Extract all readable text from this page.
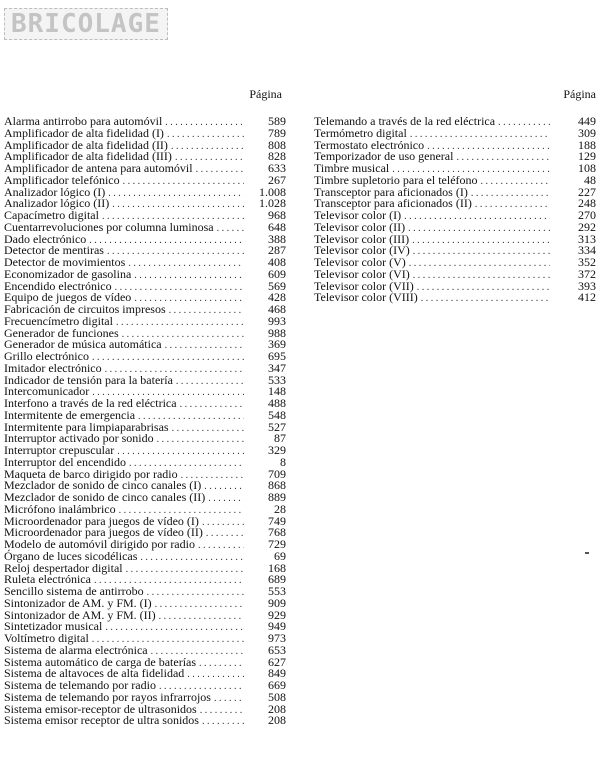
BRICOLAGE
Página
Alarma antirrobo para automóvil . . .	589
Amplificador de alta fidelidad (I) . . .	789
Amplificador de alta fidelidad (II) . . .	808
Amplificador de alta fidelidad (III) . . .	828
Amplificador de antena para automóvil . . .	633
Amplificador telefónico . . .	267
Analizador lógico (I) . . .	1.008
Analizador lógico (II) . . .	1.028
Capacímetro digital . . .	968
Cuentarrevoluciones por columna luminosa . . .	648
Dado electrónico . . .	388
Detector de mentiras . . .	287
Detector de movimientos . . .	408
Economizador de gasolina . . .	609
Encendido electrónico . . .	569
Equipo de juegos de vídeo . . .	428
Fabricación de circuitos impresos . . .	468
Frecuencímetro digital . . .	993
Generador de funciones . . .	988
Generador de música automática . . .	369
Grillo electrónico . . .	695
Imitador electrónico . . .	347
Indicador de tensión para la batería . . .	533
Intercomunicador . . .	148
Interfono a través de la red eléctrica . . .	488
Intermitente de emergencia . . .	548
Intermitente para limpiaparabrisas . . .	527
Interruptor activado por sonido . . .	87
Interruptor crepuscular . . .	329
Interruptor del encendido . . .	8
Maqueta de barco dirigido por radio . . .	709
Mezclador de sonido de cinco canales (I) . . .	868
Mezclador de sonido de cinco canales (II) . . .	889
Micrófono inalámbrico . . .	28
Microordenador para juegos de vídeo (I) . . .	749
Microordenador para juegos de vídeo (II) . . .	768
Modelo de automóvil dirigido por radio . . .	729
Órgano de luces sicodélicas . . .	69
Reloj despertador digital . . .	168
Ruleta electrónica . . .	689
Sencillo sistema de antirrobo . . .	553
Sintonizador de AM. y FM. (I) . . .	909
Sintonizador de AM. y FM. (II) . . .	929
Sintetizador musical . . .	949
Voltímetro digital . . .	973
Sistema de alarma electrónica . . .	653
Sistema automático de carga de baterías . . .	627
Sistema de altavoces de alta fidelidad . . .	849
Sistema de telemando por radio . . .	669
Sistema de telemando por rayos infrarrojos . . .	508
Sistema emisor-receptor de ultrasonidos . . .	208
Sistema emisor receptor de ultra sonidos . . .	208
Página
Telemando a través de la red eléctrica . . .	449
Termómetro digital . . .	309
Termostato electrónico . . .	188
Temporizador de uso general . . .	129
Timbre musical . . .	108
Timbre supletorio para el teléfono . . .	48
Transceptor para aficionados (I) . . .	227
Transceptor para aficionados (II) . . .	248
Televisor color (I) . . .	270
Televisor color (II) . . .	292
Televisor color (III) . . .	313
Televisor color (IV) . . .	334
Televisor color (V) . . .	352
Televisor color (VI) . . .	372
Televisor color (VII) . . .	393
Televisor color (VIII) . . .	412
